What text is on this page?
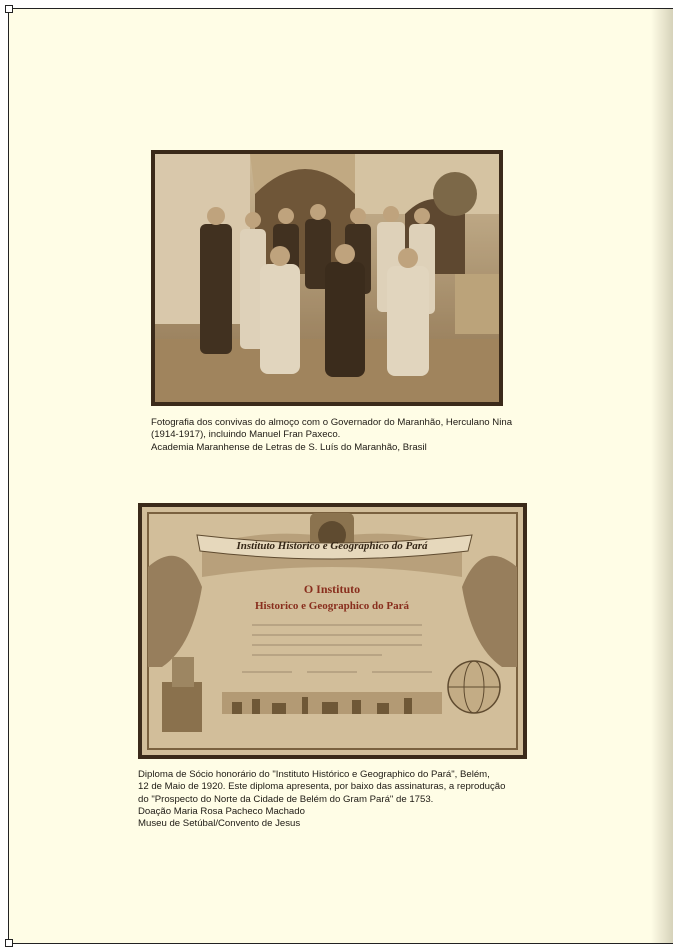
Fotografia dos convivas do almoço com o Governador do Maranhão, Herculano Nina
(1914-1917), incluindo Manuel Fran Paxeco.
Academia Maranhense de Letras de S. Luís do Maranhão, Brasil
Instituto Historico e Geographico do Pará
O Instituto
Historico e Geographico do Pará
Diploma de Sócio honorário do "Instituto Histórico e Geographico do Pará", Belém,
12 de Maio de 1920. Este diploma apresenta, por baixo das assinaturas, a reprodução
do "Prospecto do Norte da Cidade de Belém do Gram Pará" de 1753.
Doação Maria Rosa Pacheco Machado
Museu de Setúbal/Convento de Jesus
